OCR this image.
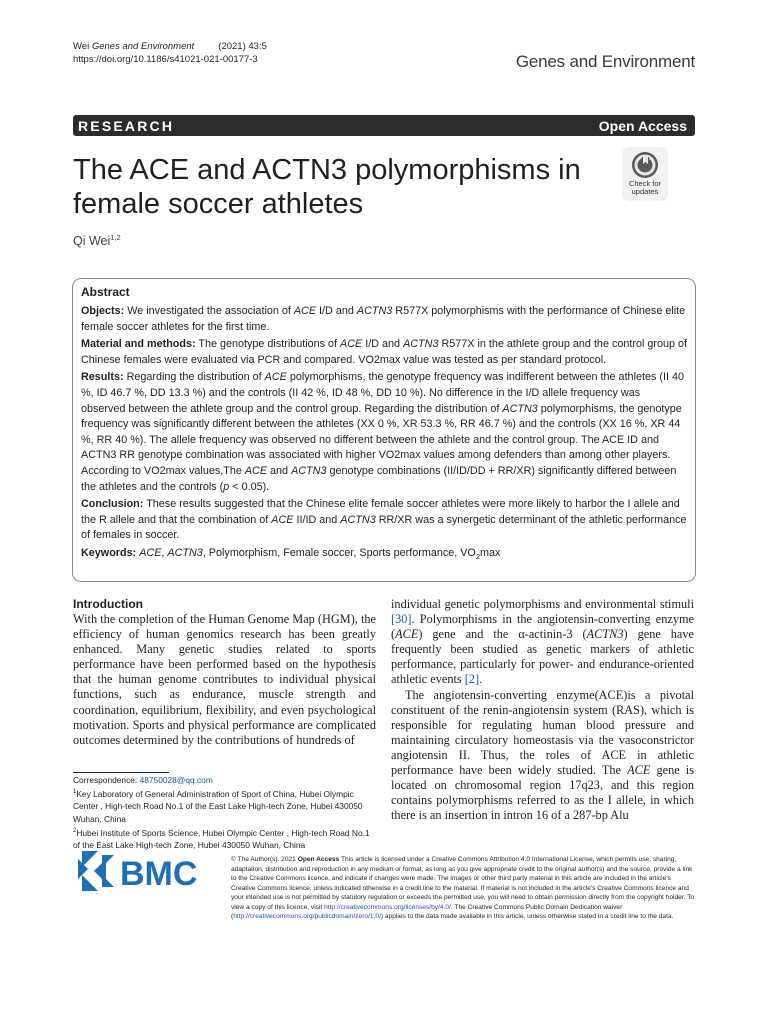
Wei Genes and Environment	(2021) 43:5
https://doi.org/10.1186/s41021-021-00177-3	Genes and Environment
RESEARCH	Open Access
The ACE and ACTN3 polymorphisms in female soccer athletes
Check for
updates
Qi Wei$^{1,2}$
Abstract

Objects: We investigated the association of ACE I/D and ACTN3 R577X polymorphisms with the performance of Chinese elite female soccer athletes for the first time.

Material and methods: The genotype distributions of ACE I/D and ACTN3 R577X in the athlete group and the control group of Chinese females were evaluated via PCR and compared. VO2max value was tested as per standard protocol.

Results: Regarding the distribution of ACE polymorphisms, the genotype frequency was indifferent between the athletes (II 40 %, ID 46.7 %, DD 13.3 %) and the controls (II 42 %, ID 48 %, DD 10 %). No difference in the I/D allele frequency was observed between the athlete group and the control group. Regarding the distribution of ACTN3 polymorphisms, the genotype frequency was significantly different between the athletes (XX 0 %, XR 53.3 %, RR 46.7 %) and the controls (XX 16 %, XR 44 %, RR 40 %). The allele frequency was observed no different between the athlete and the control group. The ACE ID and ACTN3 RR genotype combination was associated with higher VO2max values among defenders than among other players. According to VO2max values,The ACE and ACTN3 genotype combinations (II/ID/DD + RR/XR) significantly differed between the athletes and the controls (p < 0.05).

Conclusion: These results suggested that the Chinese elite female soccer athletes were more likely to harbor the I allele and the R allele and that the combination of ACE II/ID and ACTN3 RR/XR was a synergetic determinant of the athletic performance of females in soccer.

Keywords: ACE, ACTN3, Polymorphism, Female soccer, Sports performance, $VO_2\max$

Introduction

With the completion of the Human Genome Map (HGM), the efficiency of human genomics research has been greatly enhanced. Many genetic studies related to sports performance have been performed based on the hypothesis that the human genome contributes to individual physical functions, such as endurance, muscle strength and coordination, equilibrium, flexibility, and even psychological motivation. Sports and physical performance are complicated outcomes determined by the contributions of hundreds of

individual genetic polymorphisms and environmental stimuli [30]. Polymorphisms in the angiotensin-converting enzyme (ACE) gene and the α-actinin-3 (ACTN3) gene have frequently been studied as genetic markers of athletic performance, particularly for power- and endurance-oriented athletic events [2].

The angiotensin-converting enzyme(ACE)is a pivotal constituent of the renin-angiotensin system (RAS), which is responsible for regulating human blood pressure and maintaining circulatory homeostasis via the vasoconstrictor angiotensin II. Thus, the roles of ACE in athletic performance have been widely studied. The ACE gene is located on chromosomal region 17q23, and this region contains polymorphisms referred to as the I allele, in which there is an insertion in intron 16 of a 287-bp Alu

Correspondence: 48750028@qq.com

$^1$Key Laboratory of General Administration of Sport of China, Hubei Olympic Center , High-tech Road No.1 of the East Lake High-tech Zone, Hubei 430050 Wuhan, China

$^2$Hubei Institute of Sports Science, Hubei Olympic Center , High-tech Road No.1 of the East Lake High-tech Zone, Hubei 430050 Wuhan, China

BMC	© The Author(s). 2021 Open Access This article is licensed under a Creative Commons Attribution 4.0 International License, which permits use, sharing, adaptation, distribution and reproduction in any medium or format, as long as you give appropriate credit to the original author(s) and the source, provide a link to the Creative Commons licence, and indicate if changes were made. The images or other third party material in this article are included in the article's Creative Commons licence, unless indicated otherwise in a credit line to the material. If material is not included in the article's Creative Commons licence and your intended use is not permitted by statutory regulation or exceeds the permitted use, you will need to obtain permission directly from the copyright holder. To view a copy of this licence, visit http://creativecommons.org/licenses/by/4.0/. The Creative Commons Public Domain Dedication waiver (http://creativecommons.org/publicdomain/zero/1.0/) applies to the data made available in this article, unless otherwise stated in a credit line to the data.
